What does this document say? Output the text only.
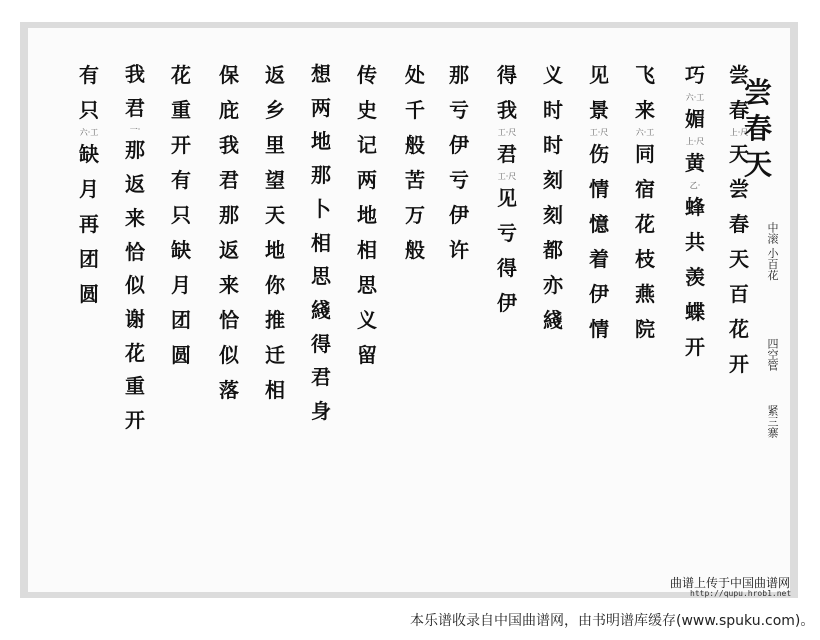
尝春天
中滚 小百花
四空管
紧三寨
尝
春
上·尺
天
尝
春
天
百
花
开
巧
六·工
媚
上·尺
黄
乙·
蜂
共
羡
蝶
开
飞
来
六·工
同
宿
花
枝
燕
院
见
景
工·尺
伤
情
憶
着
伊
情
义
时
时
刻
刻
都
亦
綫
得
我
工·尺
君
工·尺
见
亏
得
伊
那
亏
伊
亏
伊
许
处
千
般
苦
万
般
传
史
记
两
地
相
思
义
留
想
两
地
那
卜
相
思
綫
得
君
身
返
乡
里
望
天
地
你
推
迁
相
保
庇
我
君
那
返
来
恰
似
落
花
重
开
有
只
缺
月
团
圆
我
君
一·
那
返
来
恰
似
谢
花
重
开
有
只
六·工
缺
月
再
团
圆
曲谱上传于中国曲谱网
http://qupu.hrob1.net
本乐谱收录自中国曲谱网，由书明谱库缓存(www.spuku.com)。
